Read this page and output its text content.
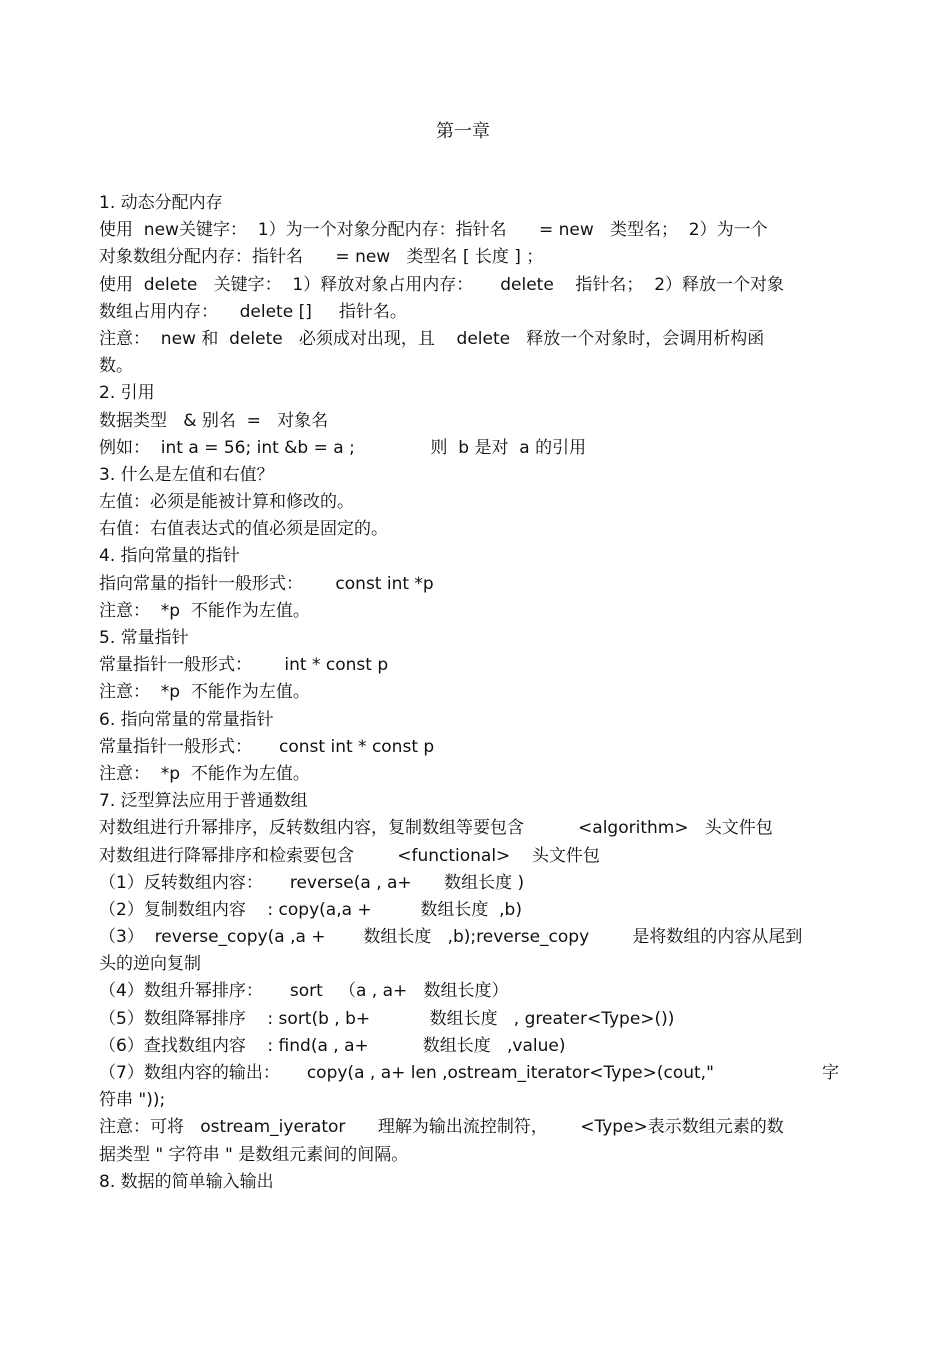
第一章
1. 动态分配内存
使用  new关键字：  1）为一个对象分配内存：指针名      = new   类型名；  2）为一个
对象数组分配内存：指针名      = new   类型名 [ 长度 ] ；
使用  delete   关键字：  1）释放对象占用内存：     delete    指针名；  2）释放一个对象
数组占用内存：    delete []     指针名。
注意：  new 和  delete   必须成对出现，且    delete   释放一个对象时，会调用析构函
数。
2. 引用
数据类型   & 别名  =   对象名
例如：  int a = 56; int &b = a ;              则  b 是对  a 的引用
3. 什么是左值和右值？
左值：必须是能被计算和修改的。
右值：右值表达式的值必须是固定的。
4. 指向常量的指针
指向常量的指针一般形式：      const int *p
注意：  *p  不能作为左值。
5. 常量指针
常量指针一般形式：      int * const p
注意：  *p  不能作为左值。
6. 指向常量的常量指针
常量指针一般形式：     const int * const p
注意：  *p  不能作为左值。
7. 泛型算法应用于普通数组
对数组进行升幂排序，反转数组内容，复制数组等要包含          <algorithm>   头文件包
对数组进行降幂排序和检索要包含        <functional>    头文件包
（1）反转数组内容：     reverse(a , a+      数组长度 )
（2）复制数组内容    : copy(a,a +         数组长度  ,b)
（3）  reverse_copy(a ,a +       数组长度   ,b);reverse_copy        是将数组的内容从尾到
头的逆向复制
（4）数组升幂排序：     sort   （a , a+   数组长度）
（5）数组降幂排序    : sort(b , b+           数组长度   , greater<Type>())
（6）查找数组内容    : find(a , a+          数组长度   ,value)
（7）数组内容的输出：     copy(a , a+ len ,ostream_iterator<Type>(cout,"                    字
符串 "));
注意：可将   ostream_iyerator      理解为输出流控制符，      <Type>表示数组元素的数
据类型 " 字符串 " 是数组元素间的间隔。
8. 数据的简单输入输出
